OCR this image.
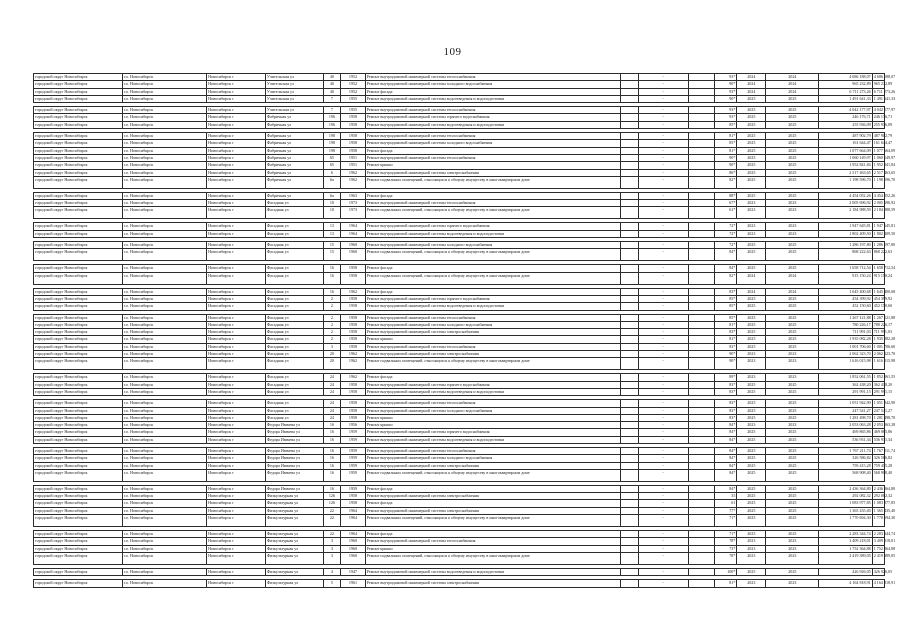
109
городской округ Новосибирск	г.о. Новосибирск	Новосибирск г	Учительская ул	40	1952	Ремонт внутридомовой инженерной системы теплоснабжения		-		93*	2024	2024	4 686 188,07	4 686 188,07
городской округ Новосибирск	г.о. Новосибирск	Новосибирск г	Учительская ул	40	1952	Ремонт внутридомовой инженерной системы холодного водоснабжения		-		90*	2024	2024	965 232,89	965 232,89
городской округ Новосибирск	г.о. Новосибирск	Новосибирск г	Учительская ул	40	1952	Ремонт фасада		-		93*	2024	2024	6 711 273,26	6 711 273,26
городской округ Новосибирск	г.о. Новосибирск	Новосибирск г	Учительская ул	7	1955	Ремонт внутридомовой инженерной системы водоотведения и водоподготовки		-		90*	2025	2025	1 491 641,33	1 491 641,33

городской округ Новосибирск	г.о. Новосибирск	Новосибирск г	Учительская ул	7	1955	Ремонт внутридомовой инженерной системы теплоснабжения		-		93*	2025	2025	4 042 177,97	4 042 177,97
городской округ Новосибирск	г.о. Новосибирск	Новосибирск г	Фабричная ул	196	1958	Ремонт внутридомовой инженерной системы горячего водоснабжения		-		93*	2025	2025	246 176,71	246 176,71
городской округ Новосибирск	г.о. Новосибирск	Новосибирск г	Фабричная ул	196	1958	Ремонт внутридомовой инженерной системы водоотведения и водоподготовки		-		85*	2025	2025	255 936,09	255 936,09

городской округ Новосибирск	г.о. Новосибирск	Новосибирск г	Фабричная ул	198	1958	Ремонт внутридомовой инженерной системы теплоснабжения		-		81*	2025	2025	487 902,79	487 902,79
городской округ Новосибирск	г.о. Новосибирск	Новосибирск г	Фабричная ул	198	1958	Ремонт внутридомовой инженерной системы холодного водоснабжения		-		85*	2025	2025	161 644,47	161 644,47
городской округ Новосибирск	г.о. Новосибирск	Новосибирск г	Фабричная ул	198	1958	Ремонт фасада		-		81*	2025	2025	1 077 664,09	1 077 664,09
городской округ Новосибирск	г.о. Новосибирск	Новосибирск г	Фабричная ул	65	1951	Ремонт внутридомовой инженерной системы теплоснабжения		-		90*	2025	2025	1 060 149,97	1 060 149,97
городской округ Новосибирск	г.о. Новосибирск	Новосибирск г	Фабричная ул	65	1951	Ремонт крыши		-		90*	2025	2025	1 952 841,84	1 952 841,84
городской округ Новосибирск	г.о. Новосибирск	Новосибирск г	Фабричная ул	6	1962	Ремонт внутридомовой инженерной системы электроснабжения		-		86*	2025	2025	2 517 463,65	2 517 463,65
городской округ Новосибирск	г.о. Новосибирск	Новосибирск г	Фабричная ул	6а	1962	Ремонт подвальных помещений, относящихся к общему имуществу в многоквартирном доме		-		82*	2025	2025	1 198 596,70	1 198 596,70

городской округ Новосибирск	г.о. Новосибирск	Новосибирск г	Фабричная ул	6а	1963	Ремонт фасада		-		88*	2025	2025	4 454 052,26	4 454 052,26
городской округ Новосибирск	г.о. Новосибирск	Новосибирск г	Фасадная ул	10	1973	Ремонт внутридомовой инженерной системы теплоснабжения		-		67*	2023	2023	2 005 696,92	2 005 696,92
городской округ Новосибирск	г.о. Новосибирск	Новосибирск г	Фасадная ул	10	1973	Ремонт подвальных помещений, относящихся к общему имуществу в многоквартирном доме		-		61*	2023	2023	2 184 988,59	2 184 988,59

городской округ Новосибирск	г.о. Новосибирск	Новосибирск г	Фасадная ул	13	1964	Ремонт внутридомовой инженерной системы горячего водоснабжения		-		72*	2023	2023	1 947 645,81	1 947 645,81
городской округ Новосибирск	г.о. Новосибирск	Новосибирск г	Фасадная ул	13	1964	Ремонт внутридомовой инженерной системы водоотведения и водоподготовки		-		72*	2023	2023	1 802 409,50	1 802 409,50

городской округ Новосибирск	г.о. Новосибирск	Новосибирск г	Фасадная ул	15	1960	Ремонт внутридомовой инженерной системы холодного водоснабжения		-		72*	2025	2025	1 286 197,80	1 286 197,80
городской округ Новосибирск	г.о. Новосибирск	Новосибирск г	Фасадная ул	15	1960	Ремонт подвальных помещений, относящихся к общему имуществу в многоквартирном доме		-		84*	2025	2025	868 222,63	868 222,63

городской округ Новосибирск	г.о. Новосибирск	Новосибирск г	Фасадная ул	16	1958	Ремонт фасада		-		84*	2025	2025	1 658 712,54	1 658 712,54
городской округ Новосибирск	г.о. Новосибирск	Новосибирск г	Фасадная ул	16	1958	Ремонт подвальных помещений, относящихся к общему имуществу в многоквартирном доме		-		82*	2024	2024	915 150,24	915 150,24

городской округ Новосибирск	г.о. Новосибирск	Новосибирск г	Фасадная ул	16	1962	Ремонт фасада		-		83*	2024	2024	1 645 400,68	1 645 400,68
городской округ Новосибирск	г.о. Новосибирск	Новосибирск г	Фасадная ул	2	1958	Ремонт внутридомовой инженерной системы горячего водоснабжения		-		85*	2025	2025	454 399,92	454 399,92
городской округ Новосибирск	г.о. Новосибирск	Новосибирск г	Фасадная ул	2	1958	Ремонт внутридомовой инженерной системы водоотведения и водоподготовки		-		85*	2025	2025	452 150,60	452 150,60

городской округ Новосибирск	г.о. Новосибирск	Новосибирск г	Фасадная ул	2	1958	Ремонт внутридомовой инженерной системы теплоснабжения		-		85*	2025	2025	1 267 121,88	1 267 121,88
городской округ Новосибирск	г.о. Новосибирск	Новосибирск г	Фасадная ул	2	1958	Ремонт внутридомовой инженерной системы холодного водоснабжения		-		81*	2025	2025	780 226,17	780 226,17
городской округ Новосибирск	г.о. Новосибирск	Новосибирск г	Фасадная ул	2	1958	Ремонт внутридомовой инженерной системы электроснабжения		-		83*	2025	2025	711 991,03	711 991,03
городской округ Новосибирск	г.о. Новосибирск	Новосибирск г	Фасадная ул	2	1958	Ремонт крыши		-		81*	2025	2025	1 935 082,28	1 935 082,28
городской округ Новосибирск	г.о. Новосибирск	Новосибирск г	Фасадная ул	3	1958	Ремонт внутридомовой инженерной системы теплоснабжения		-		83*	2025	2025	1 001 706,60	1 001 706,60
городской округ Новосибирск	г.о. Новосибирск	Новосибирск г	Фасадная ул	20	1962	Ремонт внутридомовой инженерной системы электроснабжения		-		90*	2023	2023	2 062 323,70	2 062 323,70
городской округ Новосибирск	г.о. Новосибирск	Новосибирск г	Фасадная ул	20	1962	Ремонт подвальных помещений, относящихся к общему имуществу в многоквартирном доме		-		90*	2023	2023	1 616 015,98	1 616 015,98

городской округ Новосибирск	г.о. Новосибирск	Новосибирск г	Фасадная ул	24	1962	Ремонт фасада		-		89*	2023	2023	1 852 061,55	1 852 061,55
городской округ Новосибирск	г.о. Новосибирск	Новосибирск г	Фасадная ул	24	1958	Ремонт внутридомовой инженерной системы горячего водоснабжения		-		83*	2025	2025	362 438,20	362 438,20
городской округ Новосибирск	г.о. Новосибирск	Новосибирск г	Фасадная ул	24	1958	Ремонт внутридомовой инженерной системы водоотведения и водоподготовки		-		83*	2025	2025	291 991,15	291 991,15

городской округ Новосибирск	г.о. Новосибирск	Новосибирск г	Фасадная ул	24	1958	Ремонт внутридомовой инженерной системы теплоснабжения		-		83*	2025	2025	1 051 942,90	1 051 942,90
городской округ Новосибирск	г.о. Новосибирск	Новосибирск г	Фасадная ул	24	1958	Ремонт внутридомовой инженерной системы холодного водоснабжения		-		83*	2025	2025	247 541,27	247 541,27
городской округ Новосибирск	г.о. Новосибирск	Новосибирск г	Фасадная ул	24	1958	Ремонт крыши		-		83*	2025	2025	1 281 498,70	1 281 498,70
городской округ Новосибирск	г.о. Новосибирск	Новосибирск г	Федора Ивачева ул	16	1956	Ремонт крыши		-		84*	2023	2023	2 053 063,28	2 053 063,28
городской округ Новосибирск	г.о. Новосибирск	Новосибирск г	Федора Ивачева ул	16	1959	Ремонт внутридомовой инженерной системы горячего водоснабжения		-		84*	2025	2025	469 865,86	469 865,86
городской округ Новосибирск	г.о. Новосибирск	Новосибирск г	Федора Ивачева ул	16	1959	Ремонт внутридомовой инженерной системы водоотведения и водоподготовки		-		84*	2025	2025	536 931,34	536 931,34

городской округ Новосибирск	г.о. Новосибирск	Новосибирск г	Федора Ивачева ул	16	1959	Ремонт внутридомовой инженерной системы теплоснабжения		-		84*	2025	2025	1 767 211,74	1 767 211,74
городской округ Новосибирск	г.о. Новосибирск	Новосибирск г	Федора Ивачева ул	16	1959	Ремонт внутридомовой инженерной системы холодного водоснабжения		-		84*	2025	2025	326 586,82	326 586,82
городской округ Новосибирск	г.о. Новосибирск	Новосибирск г	Федора Ивачева ул	16	1959	Ремонт внутридомовой инженерной системы электроснабжения		-		84*	2025	2025	759 415,28	759 415,28
городской округ Новосибирск	г.о. Новосибирск	Новосибирск г	Федора Ивачева ул	16	1959	Ремонт подвальных помещений, относящихся к общему имуществу в многоквартирном доме		-		84*	2025	2025	568 908,40	568 908,40

городской округ Новосибирск	г.о. Новосибирск	Новосибирск г	Федора Ивачева ул	16	1959	Ремонт фасада		-		84*	2025	2025	2 436 364,80	2 436 364,80
городской округ Новосибирск	г.о. Новосибирск	Новосибирск г	Физкультурная ул	126	1958	Ремонт внутридомовой инженерной системы электроснабжения		-		35	2025	2025	292 082,32	292 082,32
городской округ Новосибирск	г.о. Новосибирск	Новосибирск г	Физкультурная ул	126	1958	Ремонт фасада		-		61	2025	2025	1 083 977,85	1 083 977,85
городской округ Новосибирск	г.о. Новосибирск	Новосибирск г	Физкультурная ул	22	1964	Ремонт внутридомовой инженерной системы электроснабжения		-		77*	2025	2025	1 365 435,40	1 365 435,40
городской округ Новосибирск	г.о. Новосибирск	Новосибирск г	Физкультурная ул	22	1964	Ремонт подвальных помещений, относящихся к общему имуществу в многоквартирном доме		-		71*	2025	2025	1 770 694,30	1 770 694,30

городской округ Новосибирск	г.о. Новосибирск	Новосибирск г	Физкультурная ул	22	1964	Ремонт фасада		-		71*	2025	2025	2 283 344,74	2 283 344,74
городской округ Новосибирск	г.о. Новосибирск	Новосибирск г	Физкультурная ул	3	1960	Ремонт внутридомовой инженерной системы теплоснабжения		-		78*	2023	2023	3 409 218,01	3 409 218,01
городской округ Новосибирск	г.о. Новосибирск	Новосибирск г	Физкультурная ул	3	1960	Ремонт крыши		-		73*	2023	2023	1 752 364,88	1 752 364,88
городской округ Новосибирск	г.о. Новосибирск	Новосибирск г	Физкультурная ул	3	1960	Ремонт подвальных помещений, относящихся к общему имуществу в многоквартирном доме		-		78*	2023	2023	2 419 389,05	2 419 389,05

городской округ Новосибирск	г.о. Новосибирск	Новосибирск г	Физкультурная ул	4	1947	Ремонт внутридомовой инженерной системы водоотведения и водоподготовки		-		100*	2025	2025	426 926,05	426 926,05

городской округ Новосибирск	г.о. Новосибирск	Новосибирск г	Физкультурная ул	5	1961	Ремонт внутридомовой инженерной системы электроснабжения		-		81*	2023	2023	4 164 818,91	4 164 818,91
